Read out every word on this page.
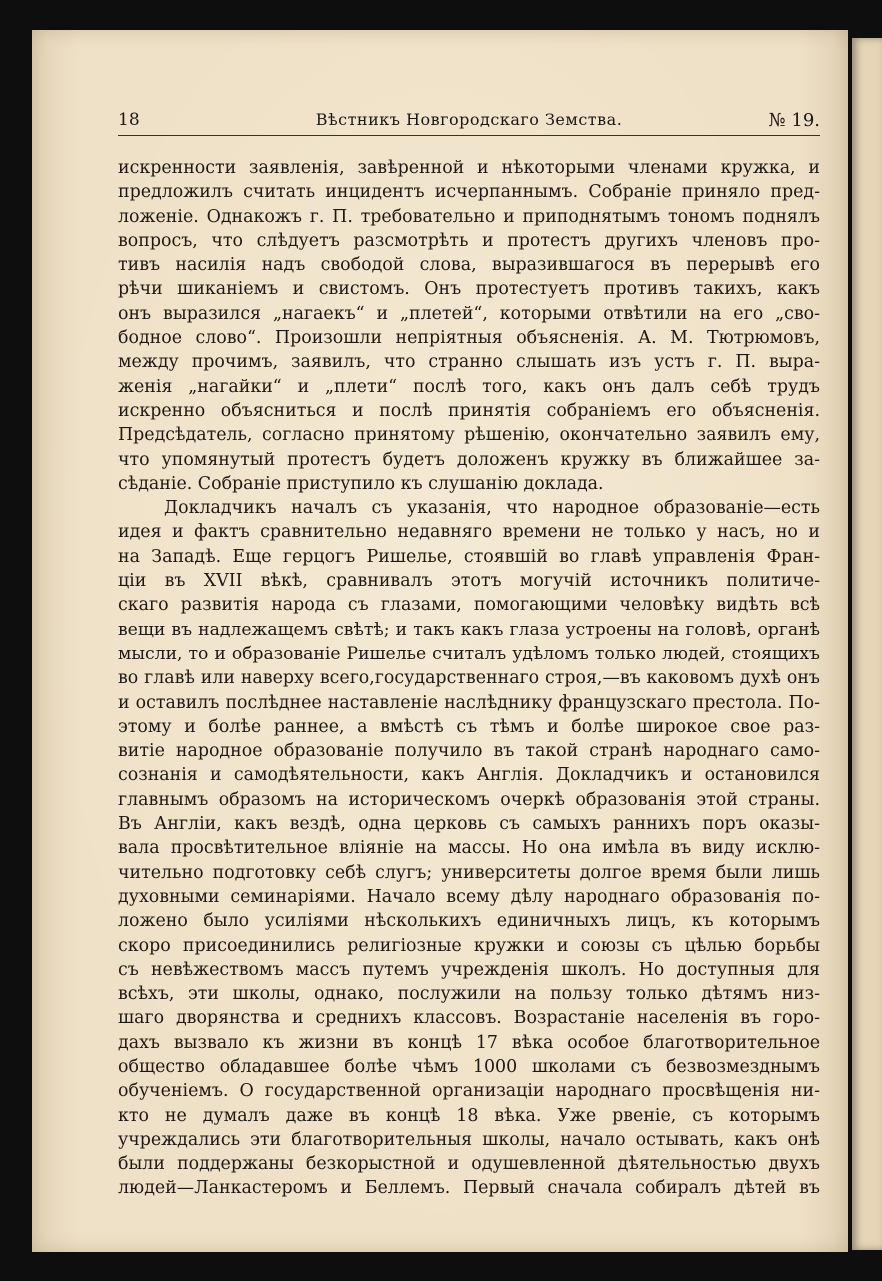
18	Вѣстникъ Новгородскаго Земства.	№ 19.
искренности заявленія, завѣренной и нѣкоторыми членами кружка, и
предложилъ считать инцидентъ исчерпаннымъ. Собраніе приняло пред-
ложеніе. Однакожъ г. П. требовательно и приподнятымъ тономъ поднялъ
вопросъ, что слѣдуетъ разсмотрѣть и протестъ другихъ членовъ про-
тивъ насилія надъ свободой слова, выразившагося въ перерывѣ его
рѣчи шиканіемъ и свистомъ. Онъ протестуетъ противъ такихъ, какъ
онъ выразился „нагаекъ“ и „плетей“, которыми отвѣтили на его „сво-
бодное слово“. Произошли непріятныя объясненія. А. М. Тютрюмовъ,
между прочимъ, заявилъ, что странно слышать изъ устъ г. П. выра-
женія „нагайки“ и „плети“ послѣ того, какъ онъ далъ себѣ трудъ
искренно объясниться и послѣ принятія собраніемъ его объясненія.
Предсѣдатель, согласно принятому рѣшенію, окончательно заявилъ ему,
что упомянутый протестъ будетъ доложенъ кружку въ ближайшее за-
сѣданіе. Собраніе приступило къ слушанію доклада.
Докладчикъ началъ съ указанія, что народное образованіе—есть
идея и фактъ сравнительно недавняго времени не только у насъ, но и
на Западѣ. Еще герцогъ Ришелье, стоявшій во главѣ управленія Фран-
ціи въ XVII вѣкѣ, сравнивалъ этотъ могучій источникъ политиче-
скаго развитія народа съ глазами, помогающими человѣку видѣть всѣ
вещи въ надлежащемъ свѣтѣ; и такъ какъ глаза устроены на головѣ, органѣ
мысли, то и образованіе Ришелье считалъ удѣломъ только людей, стоящихъ
во главѣ или наверху всего,государственнаго строя,—въ каковомъ духѣ онъ
и оставилъ послѣднее наставленіе наслѣднику французскаго престола. По-
этому и болѣе раннее, а вмѣстѣ съ тѣмъ и болѣе широкое свое раз-
витіе народное образованіе получило въ такой странѣ народнаго само-
сознанія и самодѣятельности, какъ Англія. Докладчикъ и остановился
главнымъ образомъ на историческомъ очеркѣ образованія этой страны.
Въ Англіи, какъ вездѣ, одна церковь съ самыхъ раннихъ поръ оказы-
вала просвѣтительное вліяніе на массы. Но она имѣла въ виду исклю-
чительно подготовку себѣ слугъ; университеты долгое время были лишь
духовными семинаріями. Начало всему дѣлу народнаго образованія по-
ложено было усиліями нѣсколькихъ единичныхъ лицъ, къ которымъ
скоро присоединились религіозные кружки и союзы съ цѣлью борьбы
съ невѣжествомъ массъ путемъ учрежденія школъ. Но доступныя для
всѣхъ, эти школы, однако, послужили на пользу только дѣтямъ низ-
шаго дворянства и среднихъ классовъ. Возрастаніе населенія въ горо-
дахъ вызвало къ жизни въ концѣ 17 вѣка особое благотворительное
общество обладавшее болѣе чѣмъ 1000 школами съ безвозмезднымъ
обученіемъ. О государственной организаціи народнаго просвѣщенія ни-
кто не думалъ даже въ концѣ 18 вѣка. Уже рвеніе, съ которымъ
учреждались эти благотворительныя школы, начало остывать, какъ онѣ
были поддержаны безкорыстной и одушевленной дѣятельностью двухъ
людей—Ланкастеромъ и Беллемъ. Первый сначала собиралъ дѣтей въ
